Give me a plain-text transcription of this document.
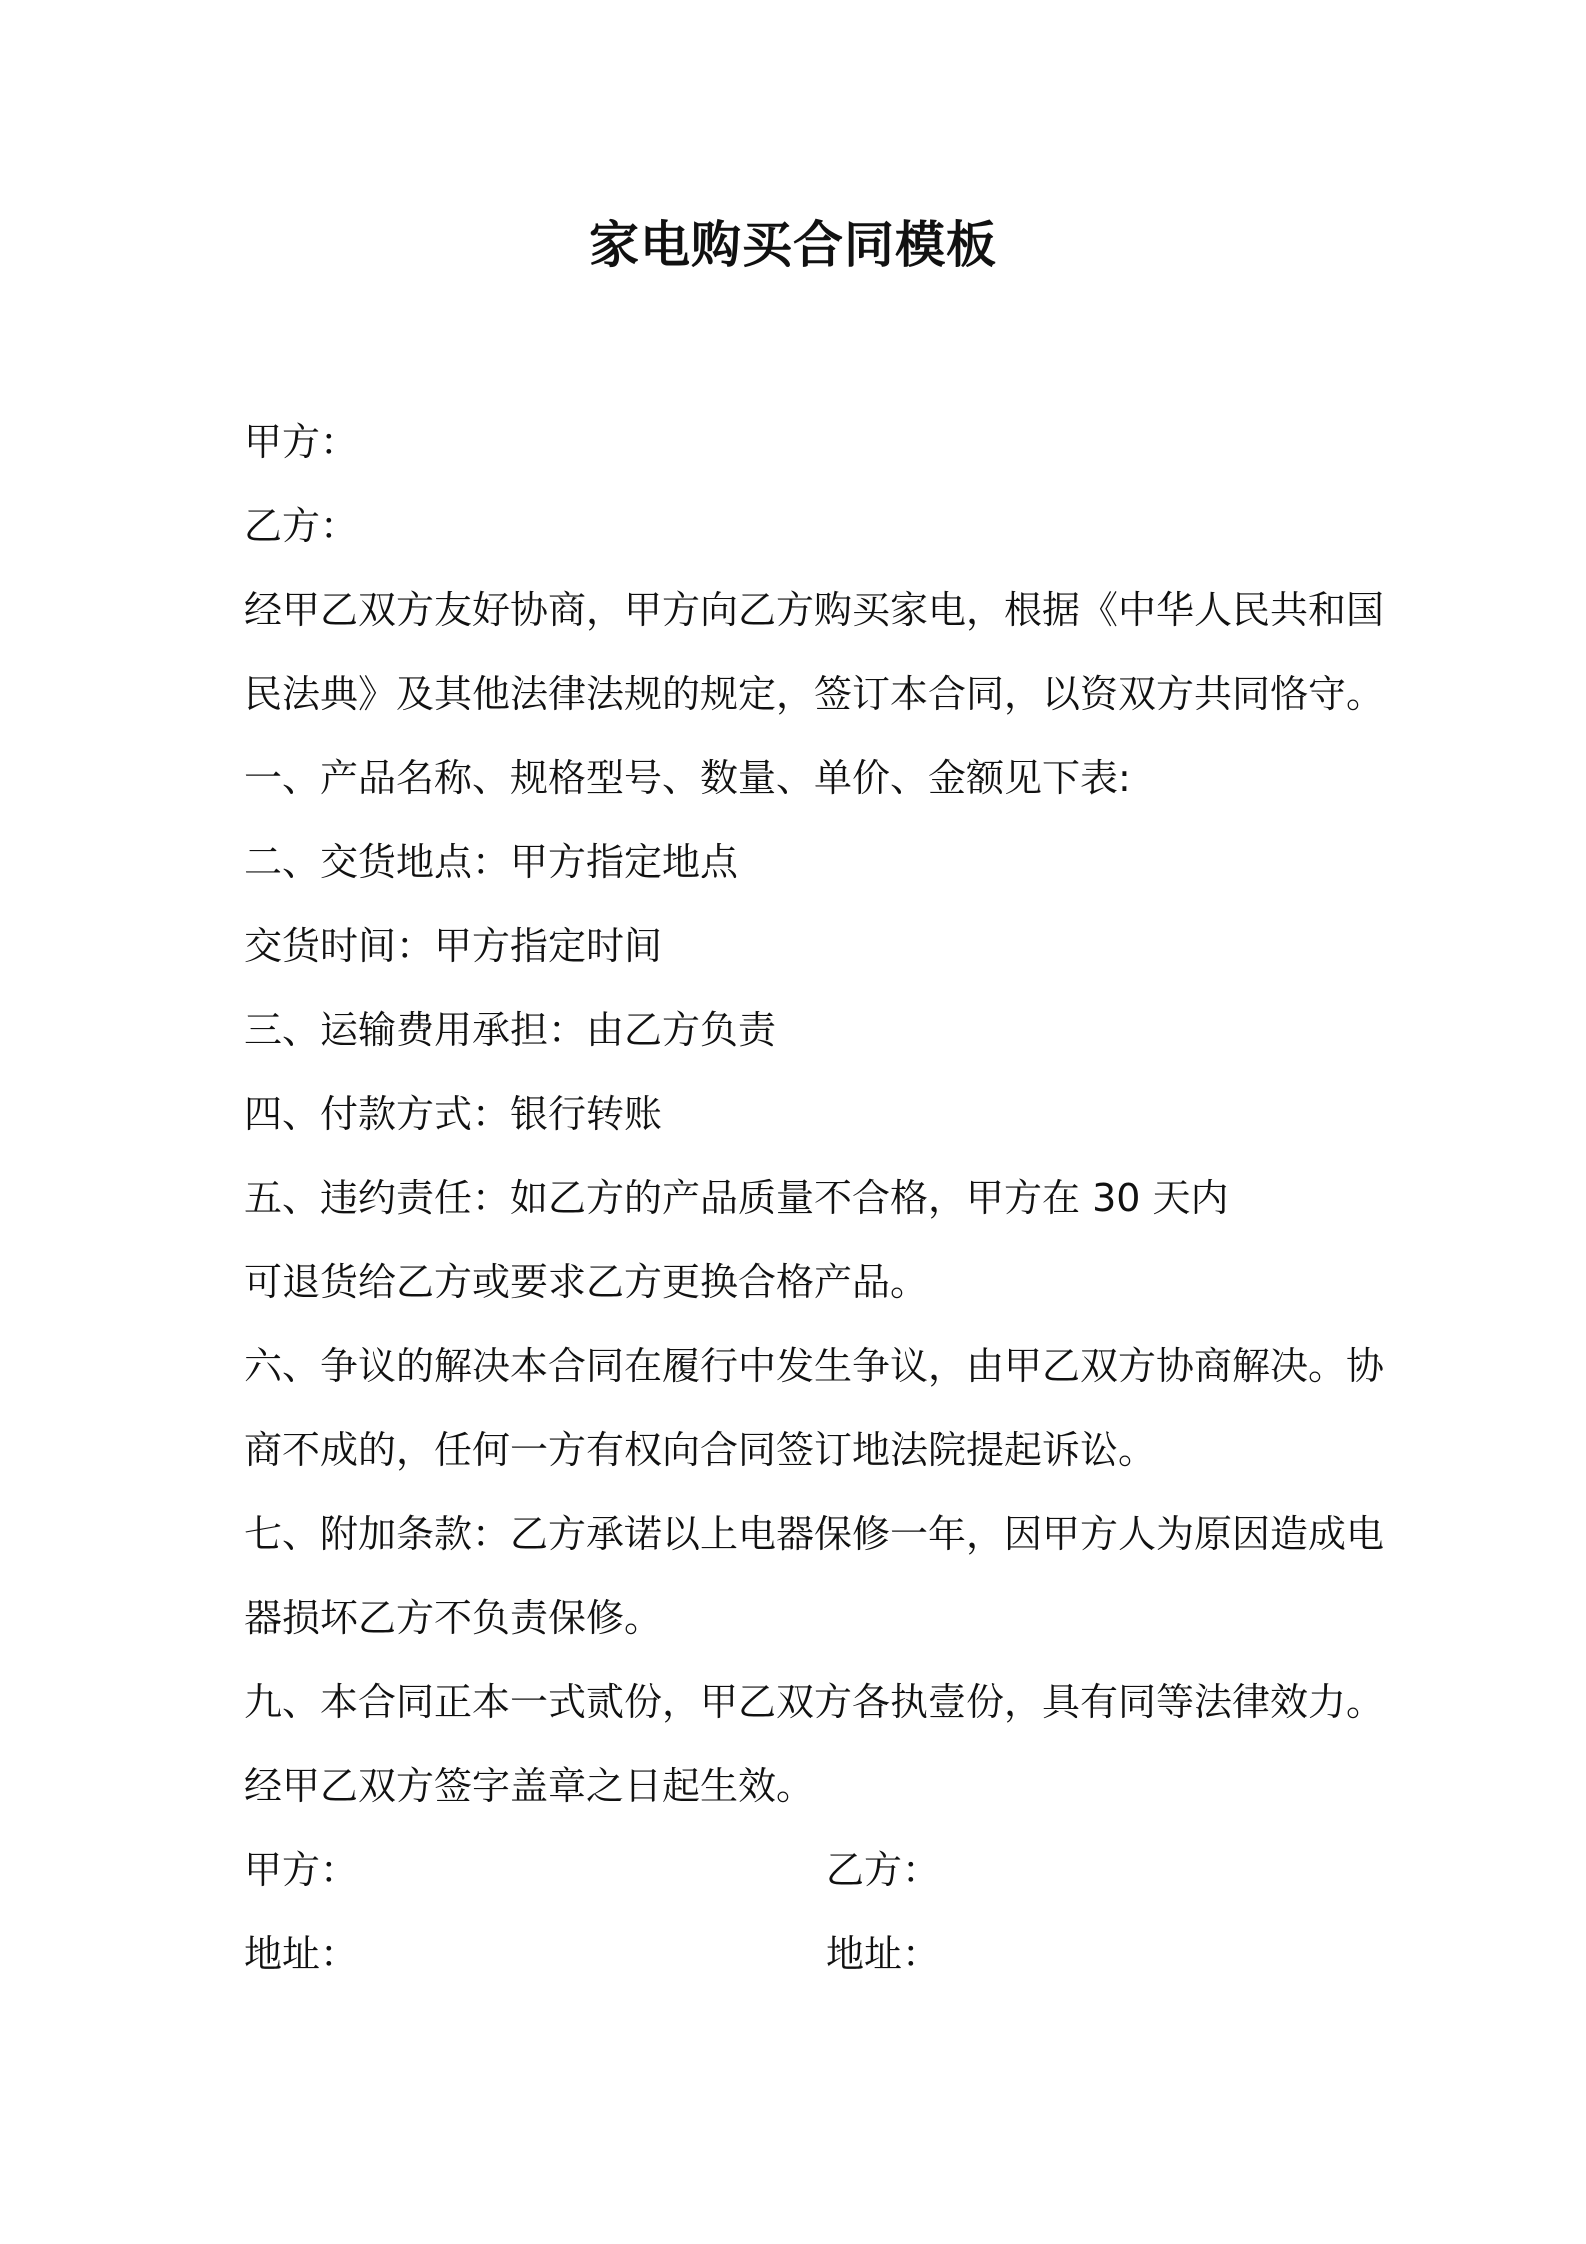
家电购买合同模板

甲方：

乙方：

经甲乙双方友好协商，甲方向乙方购买家电，根据《中华人民共和国

民法典》及其他法律法规的规定，签订本合同，以资双方共同恪守。

一、产品名称、规格型号、数量、单价、金额见下表:

二、交货地点：甲方指定地点

交货时间：甲方指定时间

三、运输费用承担：由乙方负责

四、付款方式：银行转账

五、违约责任：如乙方的产品质量不合格，甲方在 30 天内

可退货给乙方或要求乙方更换合格产品。

六、争议的解决本合同在履行中发生争议，由甲乙双方协商解决。协

商不成的，任何一方有权向合同签订地法院提起诉讼。

七、附加条款：乙方承诺以上电器保修一年，因甲方人为原因造成电

器损坏乙方不负责保修。

九、本合同正本一式贰份，甲乙双方各执壹份，具有同等法律效力。

经甲乙双方签字盖章之日起生效。

甲方：	乙方：
地址：	地址：
